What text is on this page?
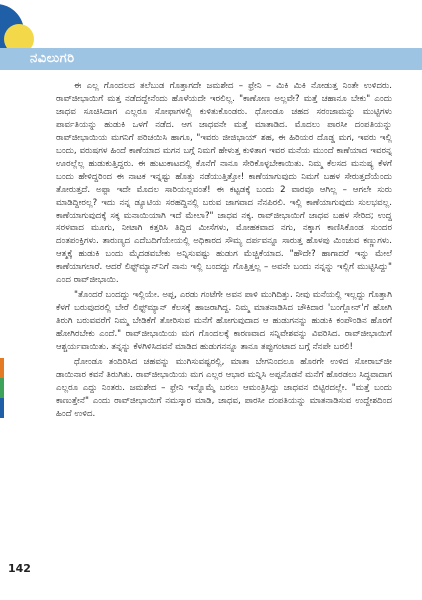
ನವಿಲುಗರಿ

ಈ ಎಲ್ಲ ಗೊಂದಲದ ತಲೆಬುಡ ಗೊತ್ತಾಗದೇ ಜಮಶೇದ – ಫ್ರೇನಿ – ಮಿಕಿ ಮಿಕಿ ನೋಡುತ್ತ ನಿಂತೇ ಉಳಿದರು. ರಾವ್‌ಜೀಭಾಯಿಗೆ ಮತ್ತ ನಡೆದದ್ದೇನೆಂದು ಹೊಳೆಯದೇ ಇರಲಿಲ್ಲ. "ಕಾಣೋಣ ಅಲ್ಲವೇ? ಮತ್ತೆ ಚಹಾನೂ ಬೇಕು" ಎಂದು ಜಾಧವ ಸೂಚಿಸಿದಾಗ ಎಲ್ಲರೂ ಸೋಫಾಗಳಲ್ಲಿ ಕುಳಿತುಕೊಂಡರು. ಧೋಂಡೂ ಚಹದ ಸರಂಜಾಮನ್ನು ಮುಟ್ಟಿಗಳು ಪಾರ್ವತಿಯನ್ನು ಹುಡುಕಿ ಒಳಗೆ ನಡೆದ. ಆಗ ಜಾಧವನೇ ಮತ್ತೆ ಮಾತಾಡಿದ. ಮೊದಲು ಪಾರಸೀ ದಂಪತಿಯನ್ನು ರಾವ್‌ಜೀಭಾಯಿಯ ಮಗನಿಗೆ ಪರಿಚಯಿಸಿ ಹಾಗೂ, "ಇವರು ಜೀಜಿಭಾಯ್ ಶಹ, ಈ ಹಿರಿಯರ ದೊಡ್ಡ ಮಗ, ಇವರು ಇಲ್ಲಿ ಬಂದು, ವರುಷಗಳ ಹಿಂದೆ ಕಾಣೆಯಾದ ಮಗನ ಬಗ್ಗೆ ನಿಮಗೆ ಹೇಳುತ್ತ ಕುಳಿತಾಗ ಇವರ ಮನೆಯ ಮುಂದೆ ಕಾಣೆಯಾದ ಇವರನ್ನ ಊರಲ್ಲೆಲ್ಲ ಹುಡುಕುತ್ತಿದ್ದರು. ಈ ಹುಟುಕಾಟದಲ್ಲಿ ಕೊನೆಗೆ ನಾನೂ ಸೇರಿಕೊಳ್ಳಬೇಕಾಯಿತು. ನಿಮ್ಮ ಕೆಲಸದ ಮನುಷ್ಯ ಕೆಳಗೆ ಬಂದು ಹೇಳಿದ್ದರಿಂದ ಈ ನಾಟಕ ಇನ್ನಷ್ಟು ಹೊತ್ತು ನಡೆಯುತ್ತಿತ್ತೋ! ಕಾಣೆಯಾಗುವುದು ನಿಮಗೆ ಬಹಳ ಸೇರುತ್ತದೆಯೆಂದು ತೋರುತ್ತದೆ. ಅಪ್ಪಾ ಇದೇ ಮೊದಲ ಸಾರಿಯಲ್ಲವಂತೆ! ಈ ಕಟ್ಟಡಕ್ಕೆ ಬಂದು 2 ವಾರವೂ ಆಗಿಲ್ಲ – ಆಗಲೇ ಸುರು ಮಾಡಿದ್ದೀರಲ್ಲ? ಇದು ನನ್ನ ಡ್ಯೂಟಿಯ ಸರಹದ್ದಿನಲ್ಲಿ ಬರುವ ಜಾಗವಾದ ನೆನಪಿರಲಿ. ಇಲ್ಲಿ ಕಾಣೆಯಾಗುವುದು ಸುಲಭವಲ್ಲ. ಕಾಣೆಯಾಗುವುದಕ್ಕೆ ಸಕ್ಕ ಮನಾಯಿಯಾಗಿ ಇದೆ ಮೇಲಾ?" ಜಾಧವ ನಕ್ಕ. ರಾವ್‌ಜೀಭಾಯಿಗೆ ಜಾಧವ ಬಹಳ ಸೇರಿದ; ಉದ್ದ ಸರಳವಾದ ಮೂಗು, ನೀಟಾಗಿ ಕತ್ತರಿಸಿ ತಿದ್ದಿದ ಮೀಸೆಗಳು, ಮೋಹಕವಾದ ನಗು, ನಕ್ಕಾಗ ಕಾಣಿಸಿಕೊಂಡ ಸುಂದರ ದಂತಪಂಕ್ತಿಗಳು. ತಾರುಣ್ಯದ ಎದೆಬದಿಗೆಯೇಯಲ್ಲಿ ಅಧಿಕಾರದ ಸೌಮ್ಯ ದರ್ಪವನ್ನೂ ಸಾರುತ್ತ ಹೊಳಪು ಮಿಂಚುವ ಕಣ್ಣುಗಳು. ಆತ್ಮಕ್ಕೆ ಹುಡುಕಿ ಬಂದು ಮೈದಡವಬೇಕು ಅನ್ನಿಸುವಷ್ಟು ಹುಡುಗ ಮೆಚ್ಚಿಕೆಯಾದ. "ಹೌದೇ? ಹಾಗಾದರೆ ಇನ್ನು ಮೇಲೆ ಕಾಣೆಯಾಗಲಾರೆ. ಆದರೆ ಲಿಫ್ಟ್‌ಮ್ಯಾನ್‌ನಿಗೆ ನಾನು ಇಲ್ಲಿ ಬಂದದ್ದು ಗೊತ್ತಿತ್ತಲ್ಲ – ಅವನೇ ಬಂದು ನನ್ನನ್ನು ಇಲ್ಲಿಗೆ ಮುಟ್ಟಿಸಿದ್ದು" ಎಂದ ರಾವ್‌ಜೀಭಾಯಿ.

"ತೊಂದರೆ ಬಂದದ್ದು ಇಲ್ಲಿಯೇ. ಅಪ್ಪ, ಎರಡು ಗಂಟೆಗೇ ಅವನ ಪಾಳಿ ಮುಗಿದಿತ್ತು. ನೀವು ಮನೆಯಲ್ಲಿ ಇಲ್ಲದ್ದು ಗೊತ್ತಾಗಿ ಕೆಳಗೆ ಬರುವುದರಲ್ಲಿ ಬೇರೆ ಲಿಫ್ಟ್‌ಮ್ಯಾನ್ ಕೆಲಸಕ್ಕೆ ಹಾಜರಾಗಿದ್ದ. ನಿಮ್ಮ ಮಾತನಾಡಿಸಿದ ಚೌಕಿದಾರ 'ಬಂಗ್ಲೋನ್'ಗೆ ಹೋಗಿ ತಿರುಗಿ ಬರುವವರೆಗೆ ನಿಮ್ಮ ಬೇಡಿಕೆಗೆ ತೋರಿಸುವ ಮನೆಗೆ ಹೋಗುವುದಾದ ಆ ಹುಡುಗನನ್ನು ಹುಡುಕಿ ಕಂಪೌಂಡಿನ ಹೊರಗೆ ಹೋಗಿರಬೇಕು ಎಂದೆ." ರಾವ್‌ಜೀಭಾಯಿಯ ಮಗ ಗೊಂದಲಕ್ಕೆ ಕಾರಣವಾದ ಸನ್ನಿವೇಶವನ್ನು ವಿವರಿಸಿದ. ರಾವ್‌ಜೀಭಾಯಿಗೆ ಆಶ್ಚರ್ಯವಾಯಿತು. ತನ್ನನ್ನು ಕೆಳಗಿಳಿಸಿದವನೆ ಮಾಡಿದ ಹುಡುಗನನ್ನೂ ತಾನೂ ತಪ್ಪುಗಂಟಾದ ಬಗ್ಗೆ ನೆನಪೇ ಬರಲಿ!

ಧೋಂಡೂ ತಂದಿರಿಸಿದ ಚಹವನ್ನು ಮುಗಿಸುವಷ್ಟರಲ್ಲಿ, ಮಾತಾ ಬೇಗನಿಂದಲೂ ಹೊರಗೇ ಉಳಿದ ಸೋರಾಬ್‌ಜೀ ಡಾಯಿನಾರ ಕವನೆ ತಿರುಗಿತು. ರಾವ್‌ಜೀಭಾಯಿಯ ಮಗ ಎಲ್ಲರ ಆಭಾರ ಮನ್ನಿಸಿ ಅಪ್ಪನೊಡನೆ ಮನೆಗೆ ಹೊರಡಲು ಸಿದ್ಧವಾದಾಗ ಎಲ್ಲರೂ ಎದ್ದು ನಿಂತರು. ಜಮಶೇದ – ಫ್ರೇನಿ ಇನ್ನೊಮ್ಮೆ ಬರಲು ಆಮಂತ್ರಿಸಿದ್ದು ಜಾಧವನ ಬಿಟ್ಟಿರದಲ್ಲೇ. "ಮತ್ತೆ ಬಂದು ಕಾಣುತ್ತೇನೆ" ಎಂದು ರಾವ್‌ಜೀಭಾಯಿಗೆ ನಮಸ್ಕಾರ ಮಾಡಿ, ಜಾಧವ, ಪಾರಸೀ ದಂಪತಿಯನ್ನು ಮಾತನಾಡಿಸುವ ಉದ್ದೇಶದಿಂದ ಹಿಂದೆ ಉಳಿದ.

142
